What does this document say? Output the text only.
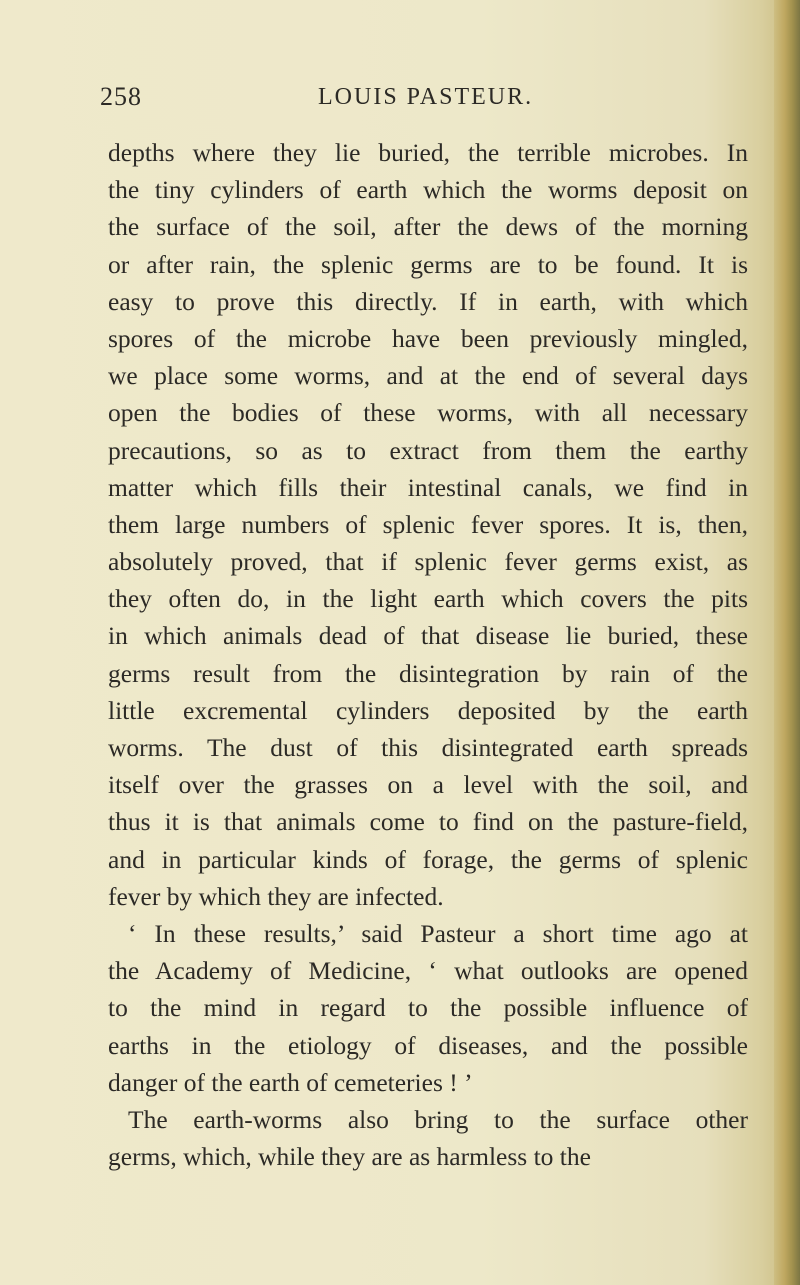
258	LOUIS PASTEUR.
depths where they lie buried, the terrible microbes. In
the tiny cylinders of earth which the worms deposit on
the surface of the soil, after the dews of the morning
or after rain, the splenic germs are to be found. It is
easy to prove this directly. If in earth, with which
spores of the microbe have been previously mingled,
we place some worms, and at the end of several days
open the bodies of these worms, with all necessary
precautions, so as to extract from them the earthy
matter which fills their intestinal canals, we find in
them large numbers of splenic fever spores. It is, then,
absolutely proved, that if splenic fever germs exist, as
they often do, in the light earth which covers the pits
in which animals dead of that disease lie buried, these
germs result from the disintegration by rain of the
little excremental cylinders deposited by the earth
worms. The dust of this disintegrated earth spreads
itself over the grasses on a level with the soil, and
thus it is that animals come to find on the pasture-field,
and in particular kinds of forage, the germs of splenic
fever by which they are infected.
‘ In these results,’ said Pasteur a short time ago at
the Academy of Medicine, ‘ what outlooks are opened
to the mind in regard to the possible influence of
earths in the etiology of diseases, and the possible
danger of the earth of cemeteries ! ’
The earth-worms also bring to the surface other
germs, which, while they are as harmless to the
